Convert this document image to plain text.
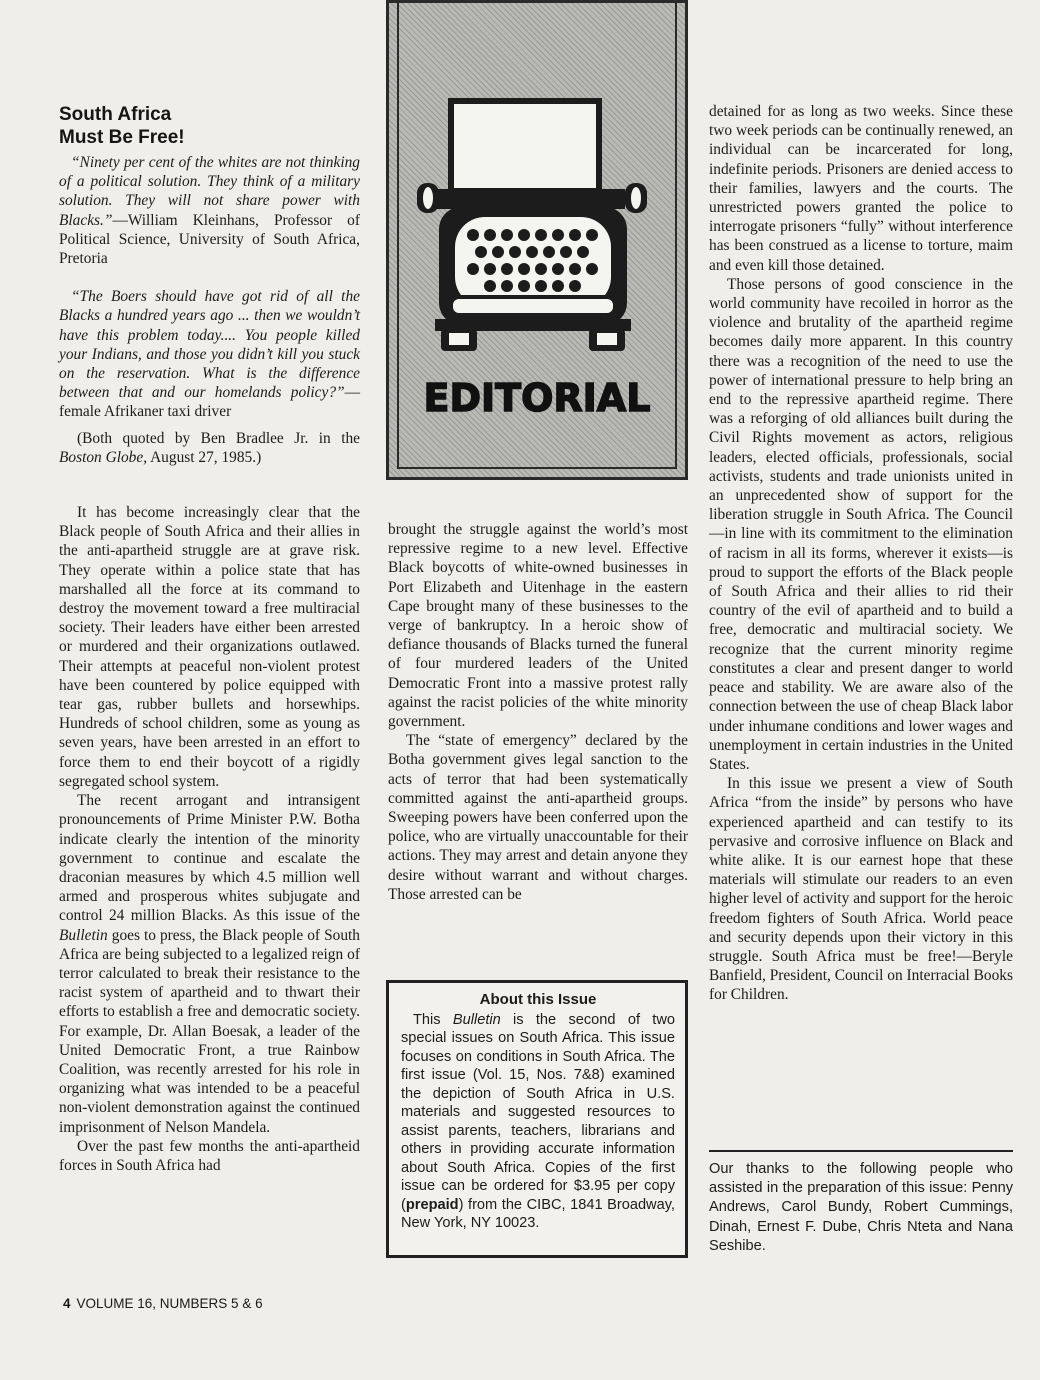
South Africa
Must Be Free!

“Ninety per cent of the whites are not thinking of a political solution. They think of a military solution. They will not share power with Blacks.”—William Kleinhans, Professor of Political Science, University of South Africa, Pretoria

“The Boers should have got rid of all the Blacks a hundred years ago ... then we wouldn’t have this problem today.... You people killed your Indians, and those you didn’t kill you stuck on the reservation. What is the difference between that and our homelands policy?”—female Afrikaner taxi driver

(Both quoted by Ben Bradlee Jr. in the Boston Globe, August 27, 1985.)

It has become increasingly clear that the Black people of South Africa and their allies in the anti-apartheid struggle are at grave risk. They operate within a police state that has marshalled all the force at its command to destroy the movement toward a free multiracial society. Their leaders have either been arrested or murdered and their organizations outlawed. Their attempts at peaceful non-violent protest have been countered by police equipped with tear gas, rubber bullets and horsewhips. Hundreds of school children, some as young as seven years, have been arrested in an effort to force them to end their boycott of a rigidly segregated school system.

The recent arrogant and intransigent pronouncements of Prime Minister P.W. Botha indicate clearly the intention of the minority government to continue and escalate the draconian measures by which 4.5 million well armed and prosperous whites subjugate and control 24 million Blacks. As this issue of the Bulletin goes to press, the Black people of South Africa are being subjected to a legalized reign of terror calculated to break their resistance to the racist system of apartheid and to thwart their efforts to establish a free and democratic society. For example, Dr. Allan Boesak, a leader of the United Democratic Front, a true Rainbow Coalition, was recently arrested for his role in organizing what was intended to be a peaceful non-violent demonstration against the continued imprisonment of Nelson Mandela.

Over the past few months the anti-apartheid forces in South Africa had

EDITORIAL

brought the struggle against the world’s most repressive regime to a new level. Effective Black boycotts of white-owned businesses in Port Elizabeth and Uitenhage in the eastern Cape brought many of these businesses to the verge of bankruptcy. In a heroic show of defiance thousands of Blacks turned the funeral of four murdered leaders of the United Democratic Front into a massive protest rally against the racist policies of the white minority government.

The “state of emergency” declared by the Botha government gives legal sanction to the acts of terror that had been systematically committed against the anti-apartheid groups. Sweeping powers have been conferred upon the police, who are virtually unaccountable for their actions. They may arrest and detain anyone they desire without warrant and without charges. Those arrested can be

About this Issue

This Bulletin is the second of two special issues on South Africa. This issue focuses on conditions in South Africa. The first issue (Vol. 15, Nos. 7&8) examined the depiction of South Africa in U.S. materials and suggested resources to assist parents, teachers, librarians and others in providing accurate information about South Africa. Copies of the first issue can be ordered for $3.95 per copy (prepaid) from the CIBC, 1841 Broadway, New York, NY 10023.

detained for as long as two weeks. Since these two week periods can be continually renewed, an individual can be incarcerated for long, indefinite periods. Prisoners are denied access to their families, lawyers and the courts. The unrestricted powers granted the police to interrogate prisoners “fully” without interference has been construed as a license to torture, maim and even kill those detained.

Those persons of good conscience in the world community have recoiled in horror as the violence and brutality of the apartheid regime becomes daily more apparent. In this country there was a recognition of the need to use the power of international pressure to help bring an end to the repressive apartheid regime. There was a reforging of old alliances built during the Civil Rights movement as actors, religious leaders, elected officials, professionals, social activists, students and trade unionists united in an unprecedented show of support for the liberation struggle in South Africa. The Council—in line with its commitment to the elimination of racism in all its forms, wherever it exists—is proud to support the efforts of the Black people of South Africa and their allies to rid their country of the evil of apartheid and to build a free, democratic and multiracial society. We recognize that the current minority regime constitutes a clear and present danger to world peace and stability. We are aware also of the connection between the use of cheap Black labor under inhumane conditions and lower wages and unemployment in certain industries in the United States.

In this issue we present a view of South Africa “from the inside” by persons who have experienced apartheid and can testify to its pervasive and corrosive influence on Black and white alike. It is our earnest hope that these materials will stimulate our readers to an even higher level of activity and support for the heroic freedom fighters of South Africa. World peace and security depends upon their victory in this struggle. South Africa must be free!—Beryle Banfield, President, Council on Interracial Books for Children.

Our thanks to the following people who assisted in the preparation of this issue: Penny Andrews, Carol Bundy, Robert Cummings, Dinah, Ernest F. Dube, Chris Nteta and Nana Seshibe.

4 VOLUME 16, NUMBERS 5 & 6
